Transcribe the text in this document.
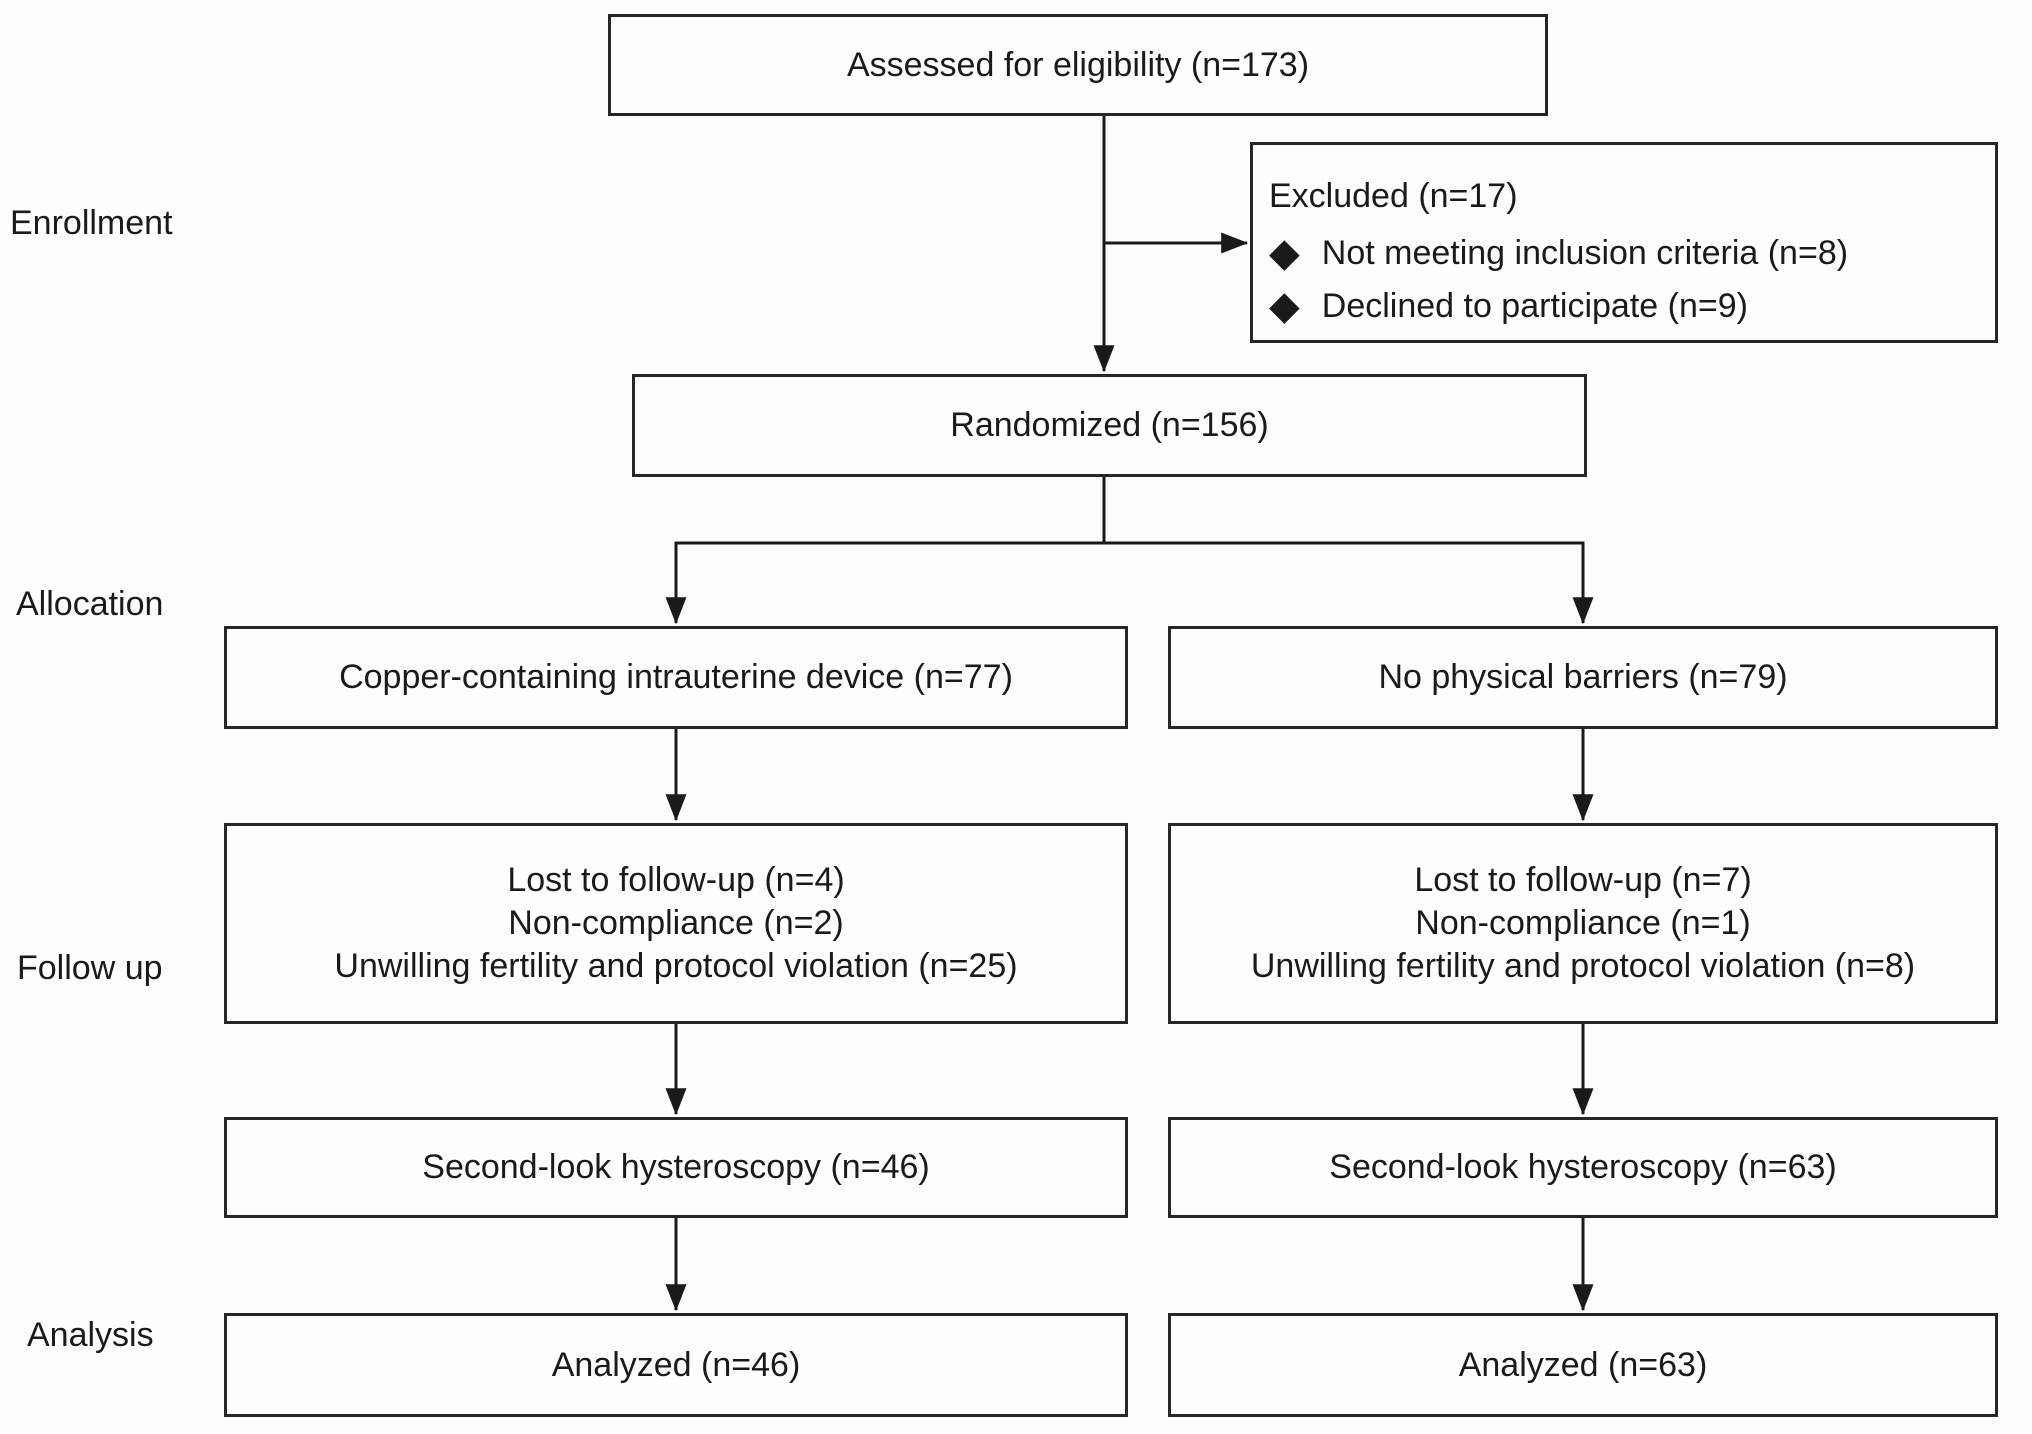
Enrollment
Allocation
Follow up
Analysis
Assessed for eligibility (n=173)
Excluded (n=17)
◆ Not meeting inclusion criteria (n=8)
◆ Declined to participate (n=9)
Randomized (n=156)
Copper-containing intrauterine device (n=77)	No physical barriers (n=79)
Lost to follow-up (n=4)
Non-compliance (n=2)
Unwilling fertility and protocol violation (n=25)
Lost to follow-up (n=7)
Non-compliance (n=1)
Unwilling fertility and protocol violation (n=8)
Second-look hysteroscopy (n=46)	Second-look hysteroscopy (n=63)
Analyzed (n=46)	Analyzed (n=63)
